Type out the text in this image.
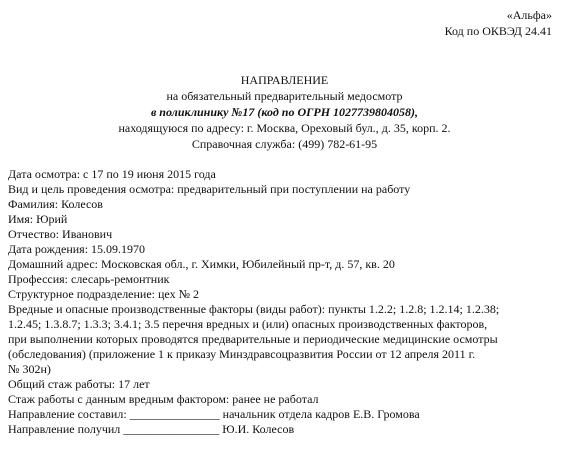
«Альфа»

Код по ОКВЭД 24.41

НАПРАВЛЕНИЕ

на обязательный предварительный медосмотр

в поликлинику №17 (код по ОГРН 1027739804058),

находящуюся по адресу: г. Москва, Ореховый бул., д. 35, корп. 2.

Справочная служба: (499) 782-61-95

Дата осмотра: с 17 по 19 июня 2015 года

Вид и цель проведения осмотра: предварительный при поступлении на работу

Фамилия: Колесов

Имя: Юрий

Отчество: Иванович

Дата рождения: 15.09.1970

Домашний адрес: Московская обл., г. Химки, Юбилейный пр-т, д. 57, кв. 20

Профессия: слесарь-ремонтник

Структурное подразделение: цех № 2

Вредные и опасные производственные факторы (виды работ): пункты 1.2.2; 1.2.8; 1.2.14; 1.2.38;

1.2.45; 1.3.8.7; 1.3.3; 3.4.1; 3.5 перечня вредных и (или) опасных производственных факторов,

при выполнении которых проводятся предварительные и периодические медицинские осмотры

(обследования) (приложение 1 к приказу Минздравсоцразвития России от 12 апреля 2011 г.

№ 302н)

Общий стаж работы: 17 лет

Стаж работы с данным вредным фактором: ранее не работал

Направление составил: _______________ начальник отдела кадров Е.В. Громова

Направление получил ________________ Ю.И. Колесов
